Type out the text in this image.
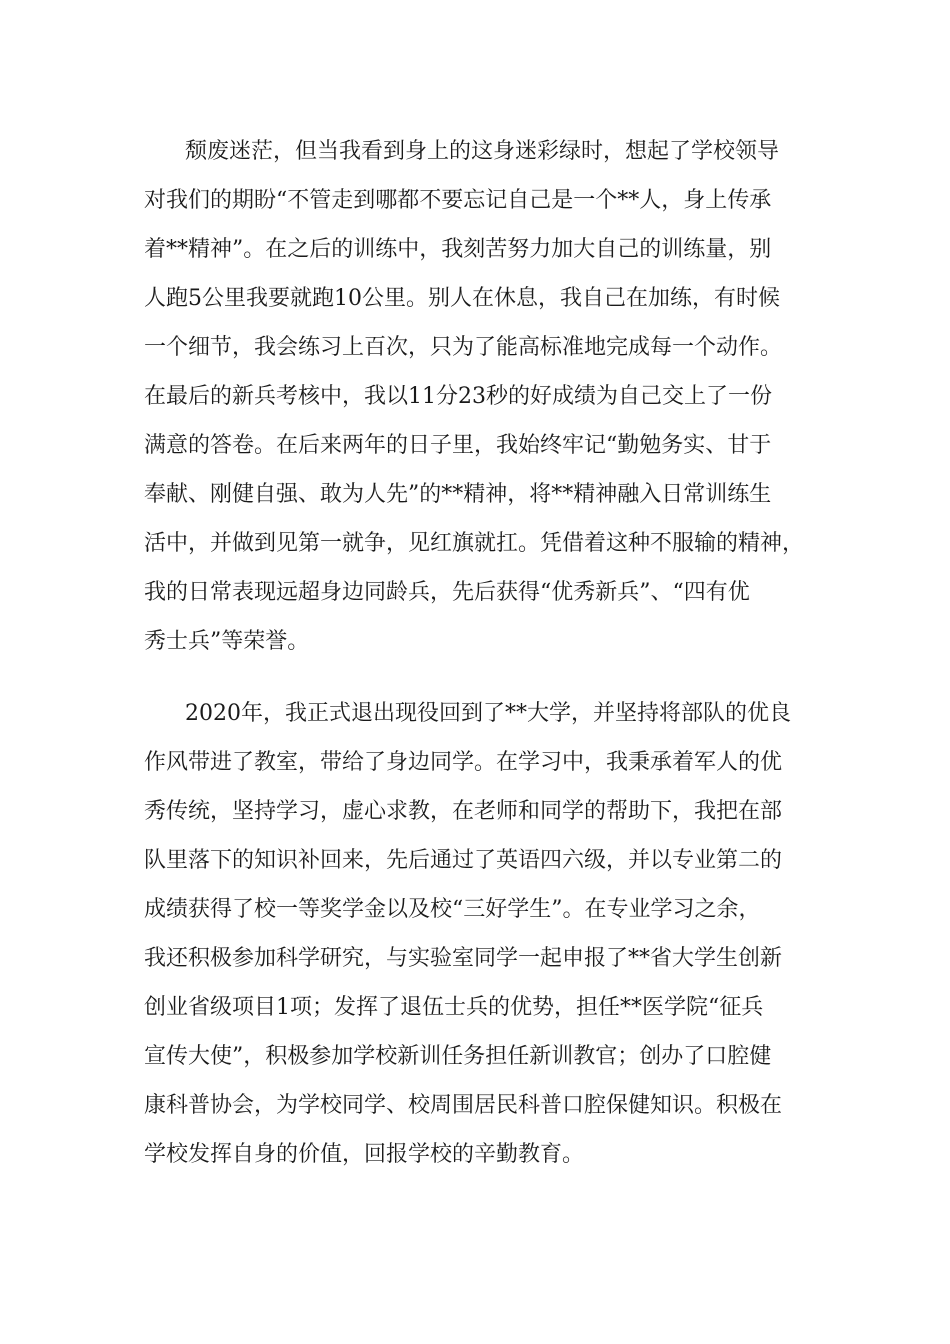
颓废迷茫，但当我看到身上的这身迷彩绿时，想起了学校领导

对我们的期盼“不管走到哪都不要忘记自己是一个**人，身上传承

着**精神”。在之后的训练中，我刻苦努力加大自己的训练量，别

人跑5公里我要就跑10公里。别人在休息，我自己在加练，有时候

一个细节，我会练习上百次，只为了能高标准地完成每一个动作。

在最后的新兵考核中，我以11分23秒的好成绩为自己交上了一份

满意的答卷。在后来两年的日子里，我始终牢记“勤勉务实、甘于

奉献、刚健自强、敢为人先”的**精神，将**精神融入日常训练生

活中，并做到见第一就争，见红旗就扛。凭借着这种不服输的精神，

我的日常表现远超身边同龄兵，先后获得“优秀新兵”、“四有优

秀士兵”等荣誉。

2020年，我正式退出现役回到了**大学，并坚持将部队的优良

作风带进了教室，带给了身边同学。在学习中，我秉承着军人的优

秀传统，坚持学习，虚心求教，在老师和同学的帮助下，我把在部

队里落下的知识补回来，先后通过了英语四六级，并以专业第二的

成绩获得了校一等奖学金以及校“三好学生”。在专业学习之余，

我还积极参加科学研究，与实验室同学一起申报了**省大学生创新

创业省级项目1项；发挥了退伍士兵的优势，担任**医学院“征兵

宣传大使”，积极参加学校新训任务担任新训教官；创办了口腔健

康科普协会，为学校同学、校周围居民科普口腔保健知识。积极在

学校发挥自身的价值，回报学校的辛勤教育。
